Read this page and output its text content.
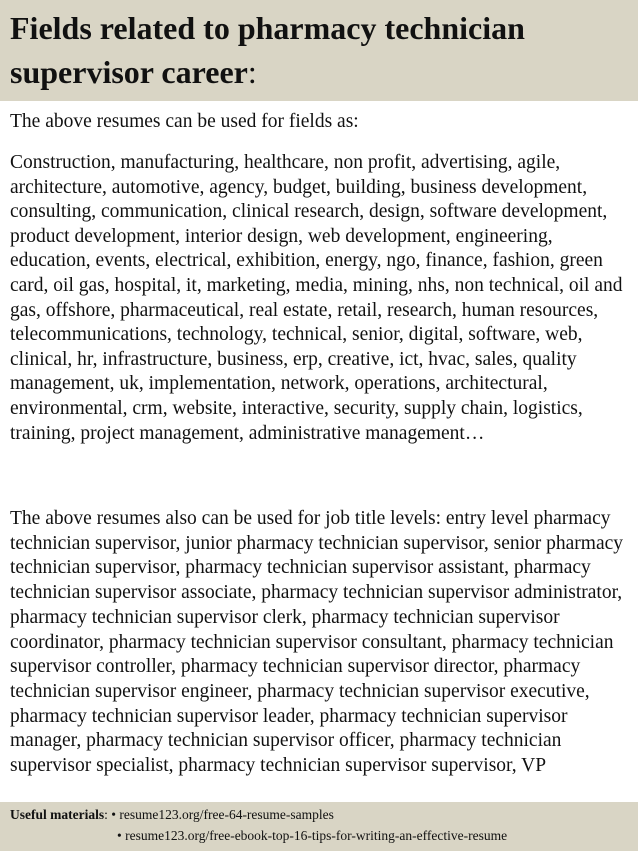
Fields related to pharmacy technician supervisor career:
The above resumes can be used for fields as:
Construction, manufacturing, healthcare, non profit, advertising, agile, architecture, automotive, agency, budget, building, business development, consulting, communication, clinical research, design, software development, product development, interior design, web development, engineering, education, events, electrical, exhibition, energy, ngo, finance, fashion, green card, oil gas, hospital, it, marketing, media, mining, nhs, non technical, oil and gas, offshore, pharmaceutical, real estate, retail, research, human resources, telecommunications, technology, technical, senior, digital, software, web, clinical, hr, infrastructure, business, erp, creative, ict, hvac, sales, quality management, uk, implementation, network, operations, architectural, environmental, crm, website, interactive, security, supply chain, logistics, training, project management, administrative management…
The above resumes also can be used for job title levels: entry level pharmacy technician supervisor, junior pharmacy technician supervisor, senior pharmacy technician supervisor, pharmacy technician supervisor assistant, pharmacy technician supervisor associate, pharmacy technician supervisor administrator, pharmacy technician supervisor clerk, pharmacy technician supervisor coordinator, pharmacy technician supervisor consultant, pharmacy technician supervisor controller, pharmacy technician supervisor director, pharmacy technician supervisor engineer, pharmacy technician supervisor executive, pharmacy technician supervisor leader, pharmacy technician supervisor manager, pharmacy technician supervisor officer, pharmacy technician supervisor specialist, pharmacy technician supervisor supervisor, VP
Useful materials: • resume123.org/free-64-resume-samples
• resume123.org/free-ebook-top-16-tips-for-writing-an-effective-resume
